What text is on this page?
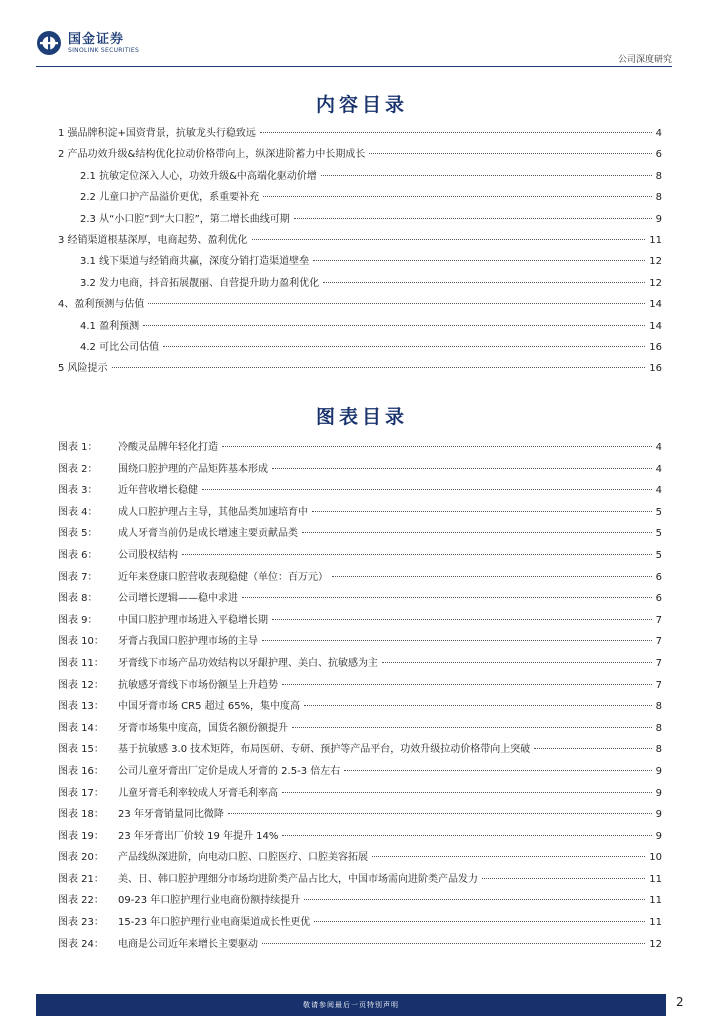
国金证券
SINOLINK SECURITIES
公司深度研究
内容目录
1 强品牌积淀+国资背景，抗敏龙头行稳致远	4
2 产品功效升级&结构优化拉动价格带向上，纵深进阶蓄力中长期成长	6
2.1 抗敏定位深入人心，功效升级&中高端化驱动价增	8
2.2 儿童口护产品溢价更优，系重要补充	8
2.3 从“小口腔”到“大口腔”，第二增长曲线可期	9
3 经销渠道根基深厚，电商起势、盈利优化	11
3.1 线下渠道与经销商共赢，深度分销打造渠道壁垒	12
3.2 发力电商，抖音拓展靓丽、自营提升助力盈利优化	12
4、盈利预测与估值	14
4.1 盈利预测	14
4.2 可比公司估值	16
5 风险提示	16
图表目录
图表 1：	冷酸灵品牌年轻化打造	4
图表 2：	围绕口腔护理的产品矩阵基本形成	4
图表 3：	近年营收增长稳健	4
图表 4：	成人口腔护理占主导，其他品类加速培育中	5
图表 5：	成人牙膏当前仍是成长增速主要贡献品类	5
图表 6：	公司股权结构	5
图表 7：	近年来登康口腔营收表现稳健（单位：百万元）	6
图表 8：	公司增长逻辑——稳中求进	6
图表 9：	中国口腔护理市场进入平稳增长期	7
图表 10：	牙膏占我国口腔护理市场的主导	7
图表 11：	牙膏线下市场产品功效结构以牙龈护理、美白、抗敏感为主	7
图表 12：	抗敏感牙膏线下市场份额呈上升趋势	7
图表 13：	中国牙膏市场 CR5 超过 65%，集中度高	8
图表 14：	牙膏市场集中度高，国货名额份额提升	8
图表 15：	基于抗敏感 3.0 技术矩阵，布局医研、专研、预护等产品平台，功效升级拉动价格带向上突破	8
图表 16：	公司儿童牙膏出厂定价是成人牙膏的 2.5-3 倍左右	9
图表 17：	儿童牙膏毛利率较成人牙膏毛利率高	9
图表 18：	23 年牙膏销量同比微降	9
图表 19：	23 年牙膏出厂价较 19 年提升 14%	9
图表 20：	产品线纵深进阶，向电动口腔、口腔医疗、口腔美容拓展	10
图表 21：	美、日、韩口腔护理细分市场均进阶类产品占比大，中国市场需向进阶类产品发力	11
图表 22：	09-23 年口腔护理行业电商份额持续提升	11
图表 23：	15-23 年口腔护理行业电商渠道成长性更优	11
图表 24：	电商是公司近年来增长主要驱动	12
敬请参阅最后一页特别声明	2
